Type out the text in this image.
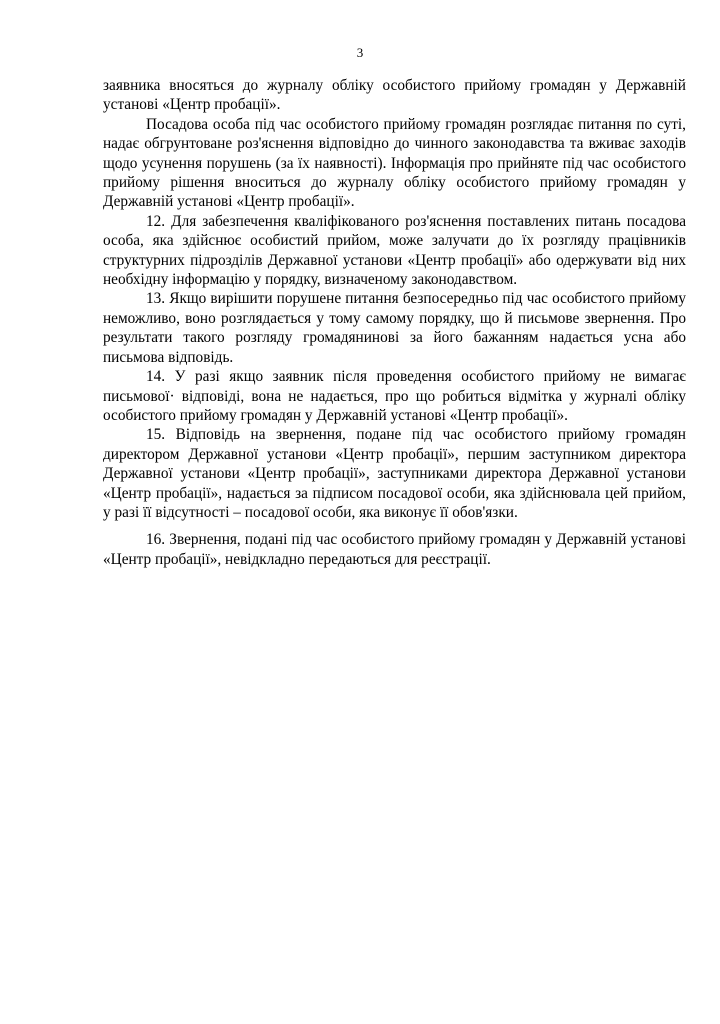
3

заявника вносяться до журналу обліку особистого прийому громадян у Державній установі «Центр пробації».

Посадова особа під час особистого прийому громадян розглядає питання по суті, надає обгрунтоване роз'яснення відповідно до чинного законодавства та вживає заходів щодо усунення порушень (за їх наявності). Інформація про прийняте під час особистого прийому рішення вноситься до журналу обліку особистого прийому громадян у Державній установі «Центр пробації».

12. Для забезпечення кваліфікованого роз'яснення поставлених питань посадова особа, яка здійснює особистий прийом, може залучати до їх розгляду працівників структурних підрозділів Державної установи «Центр пробації» або одержувати від них необхідну інформацію у порядку, визначеному законодавством.

13. Якщо вирішити порушене питання безпосередньо під час особистого прийому неможливо, воно розглядається у тому самому порядку, що й письмове звернення. Про результати такого розгляду громадянинові за його бажанням надається усна або письмова відповідь.

14. У разі якщо заявник після проведення особистого прийому не вимагає письмової· відповіді, вона не надається, про що робиться відмітка у журналі обліку особистого прийому громадян у Державній установі «Центр пробації».

15. Відповідь на звернення, подане під час особистого прийому громадян директором Державної установи «Центр пробації», першим заступником директора Державної установи «Центр пробації», заступниками директора Державної установи «Центр пробації», надається за підписом посадової особи, яка здійснювала цей прийом, у разі її відсутності – посадової особи, яка виконує її обов'язки.

16. Звернення, подані під час особистого прийому громадян у Державній установі «Центр пробації», невідкладно передаються для реєстрації.
